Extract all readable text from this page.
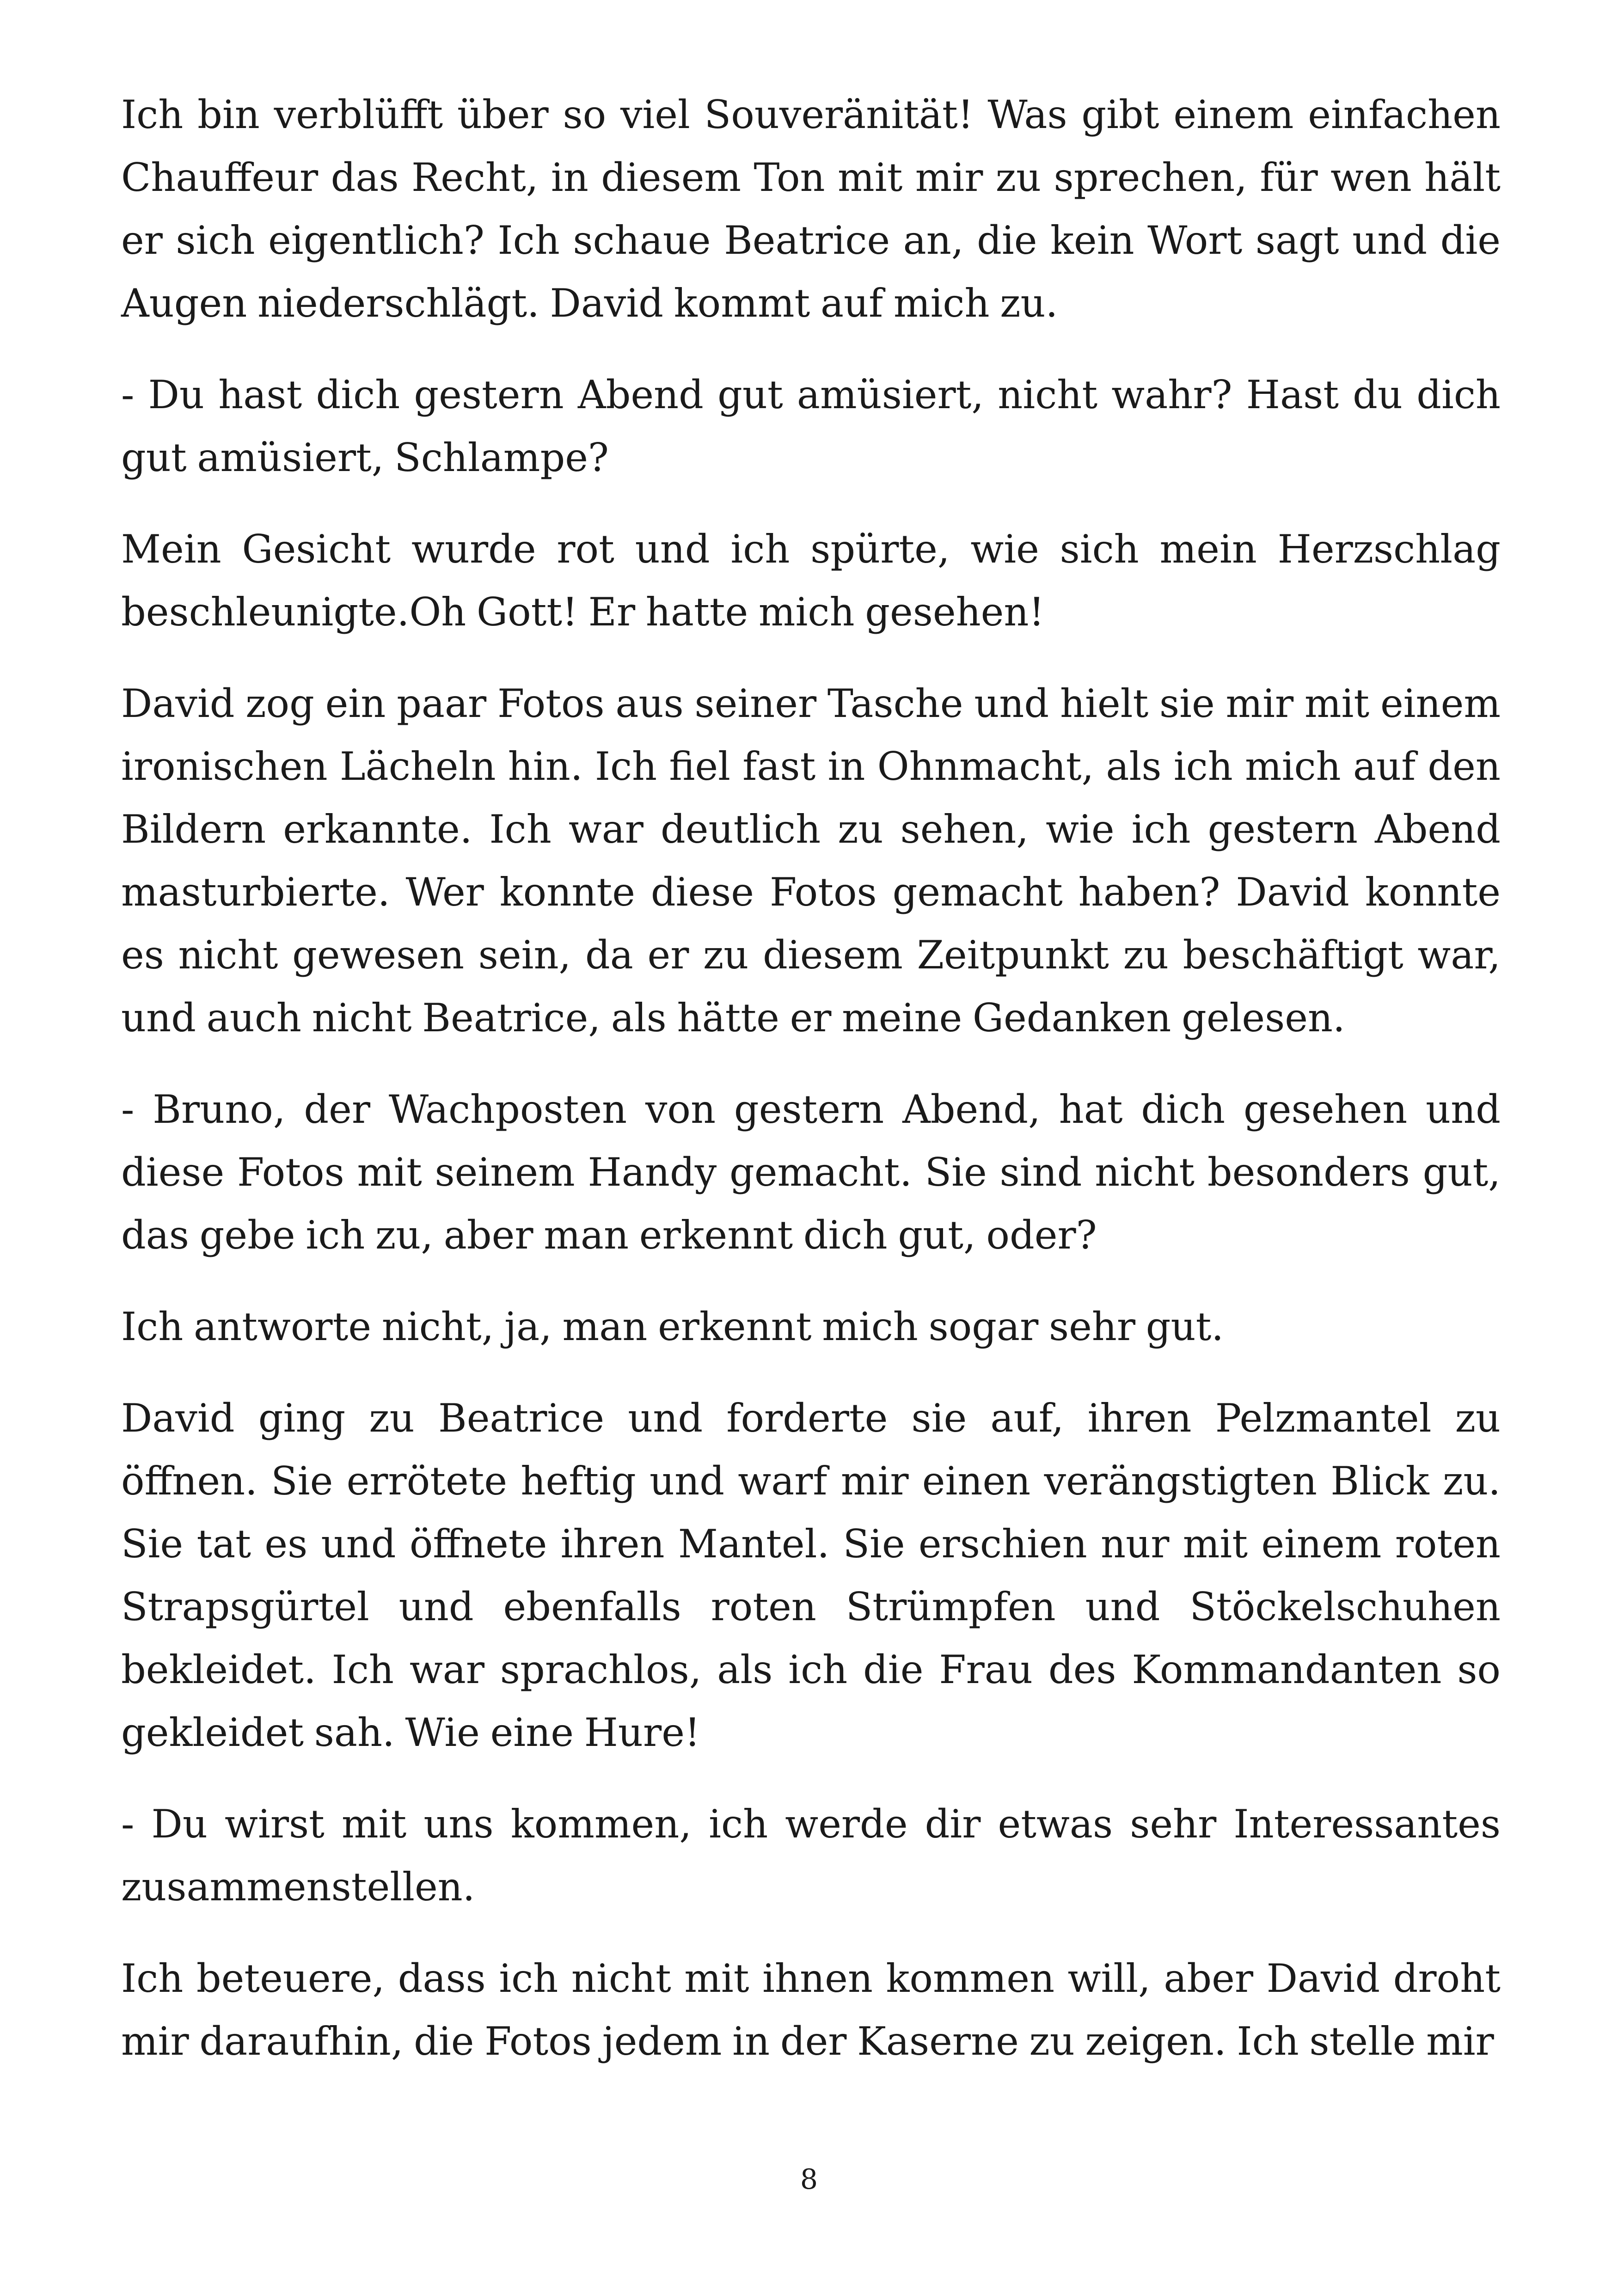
Ich bin verblüfft über so viel Souveränität! Was gibt einem einfachen Chauffeur das Recht, in diesem Ton mit mir zu sprechen, für wen hält er sich eigentlich? Ich schaue Beatrice an, die kein Wort sagt und die Augen niederschlägt. David kommt auf mich zu.

- Du hast dich gestern Abend gut amüsiert, nicht wahr? Hast du dich gut amüsiert, Schlampe?

Mein Gesicht wurde rot und ich spürte, wie sich mein Herzschlag beschleunigte.Oh Gott! Er hatte mich gesehen!

David zog ein paar Fotos aus seiner Tasche und hielt sie mir mit einem ironischen Lächeln hin. Ich fiel fast in Ohnmacht, als ich mich auf den Bildern erkannte. Ich war deutlich zu sehen, wie ich gestern Abend masturbierte. Wer konnte diese Fotos gemacht haben? David konnte es nicht gewesen sein, da er zu diesem Zeitpunkt zu beschäftigt war, und auch nicht Beatrice, als hätte er meine Gedanken gelesen.

- Bruno, der Wachposten von gestern Abend, hat dich gesehen und diese Fotos mit seinem Handy gemacht. Sie sind nicht besonders gut, das gebe ich zu, aber man erkennt dich gut, oder?

Ich antworte nicht, ja, man erkennt mich sogar sehr gut.

David ging zu Beatrice und forderte sie auf, ihren Pelzmantel zu öffnen. Sie errötete heftig und warf mir einen verängstigten Blick zu. Sie tat es und öffnete ihren Mantel. Sie erschien nur mit einem roten Strapsgürtel und ebenfalls roten Strümpfen und Stöckelschuhen bekleidet. Ich war sprachlos, als ich die Frau des Kommandanten so gekleidet sah. Wie eine Hure!

- Du wirst mit uns kommen, ich werde dir etwas sehr Interessantes zusammenstellen.

Ich beteuere, dass ich nicht mit ihnen kommen will, aber David droht mir daraufhin, die Fotos jedem in der Kaserne zu zeigen. Ich stelle mir

8
